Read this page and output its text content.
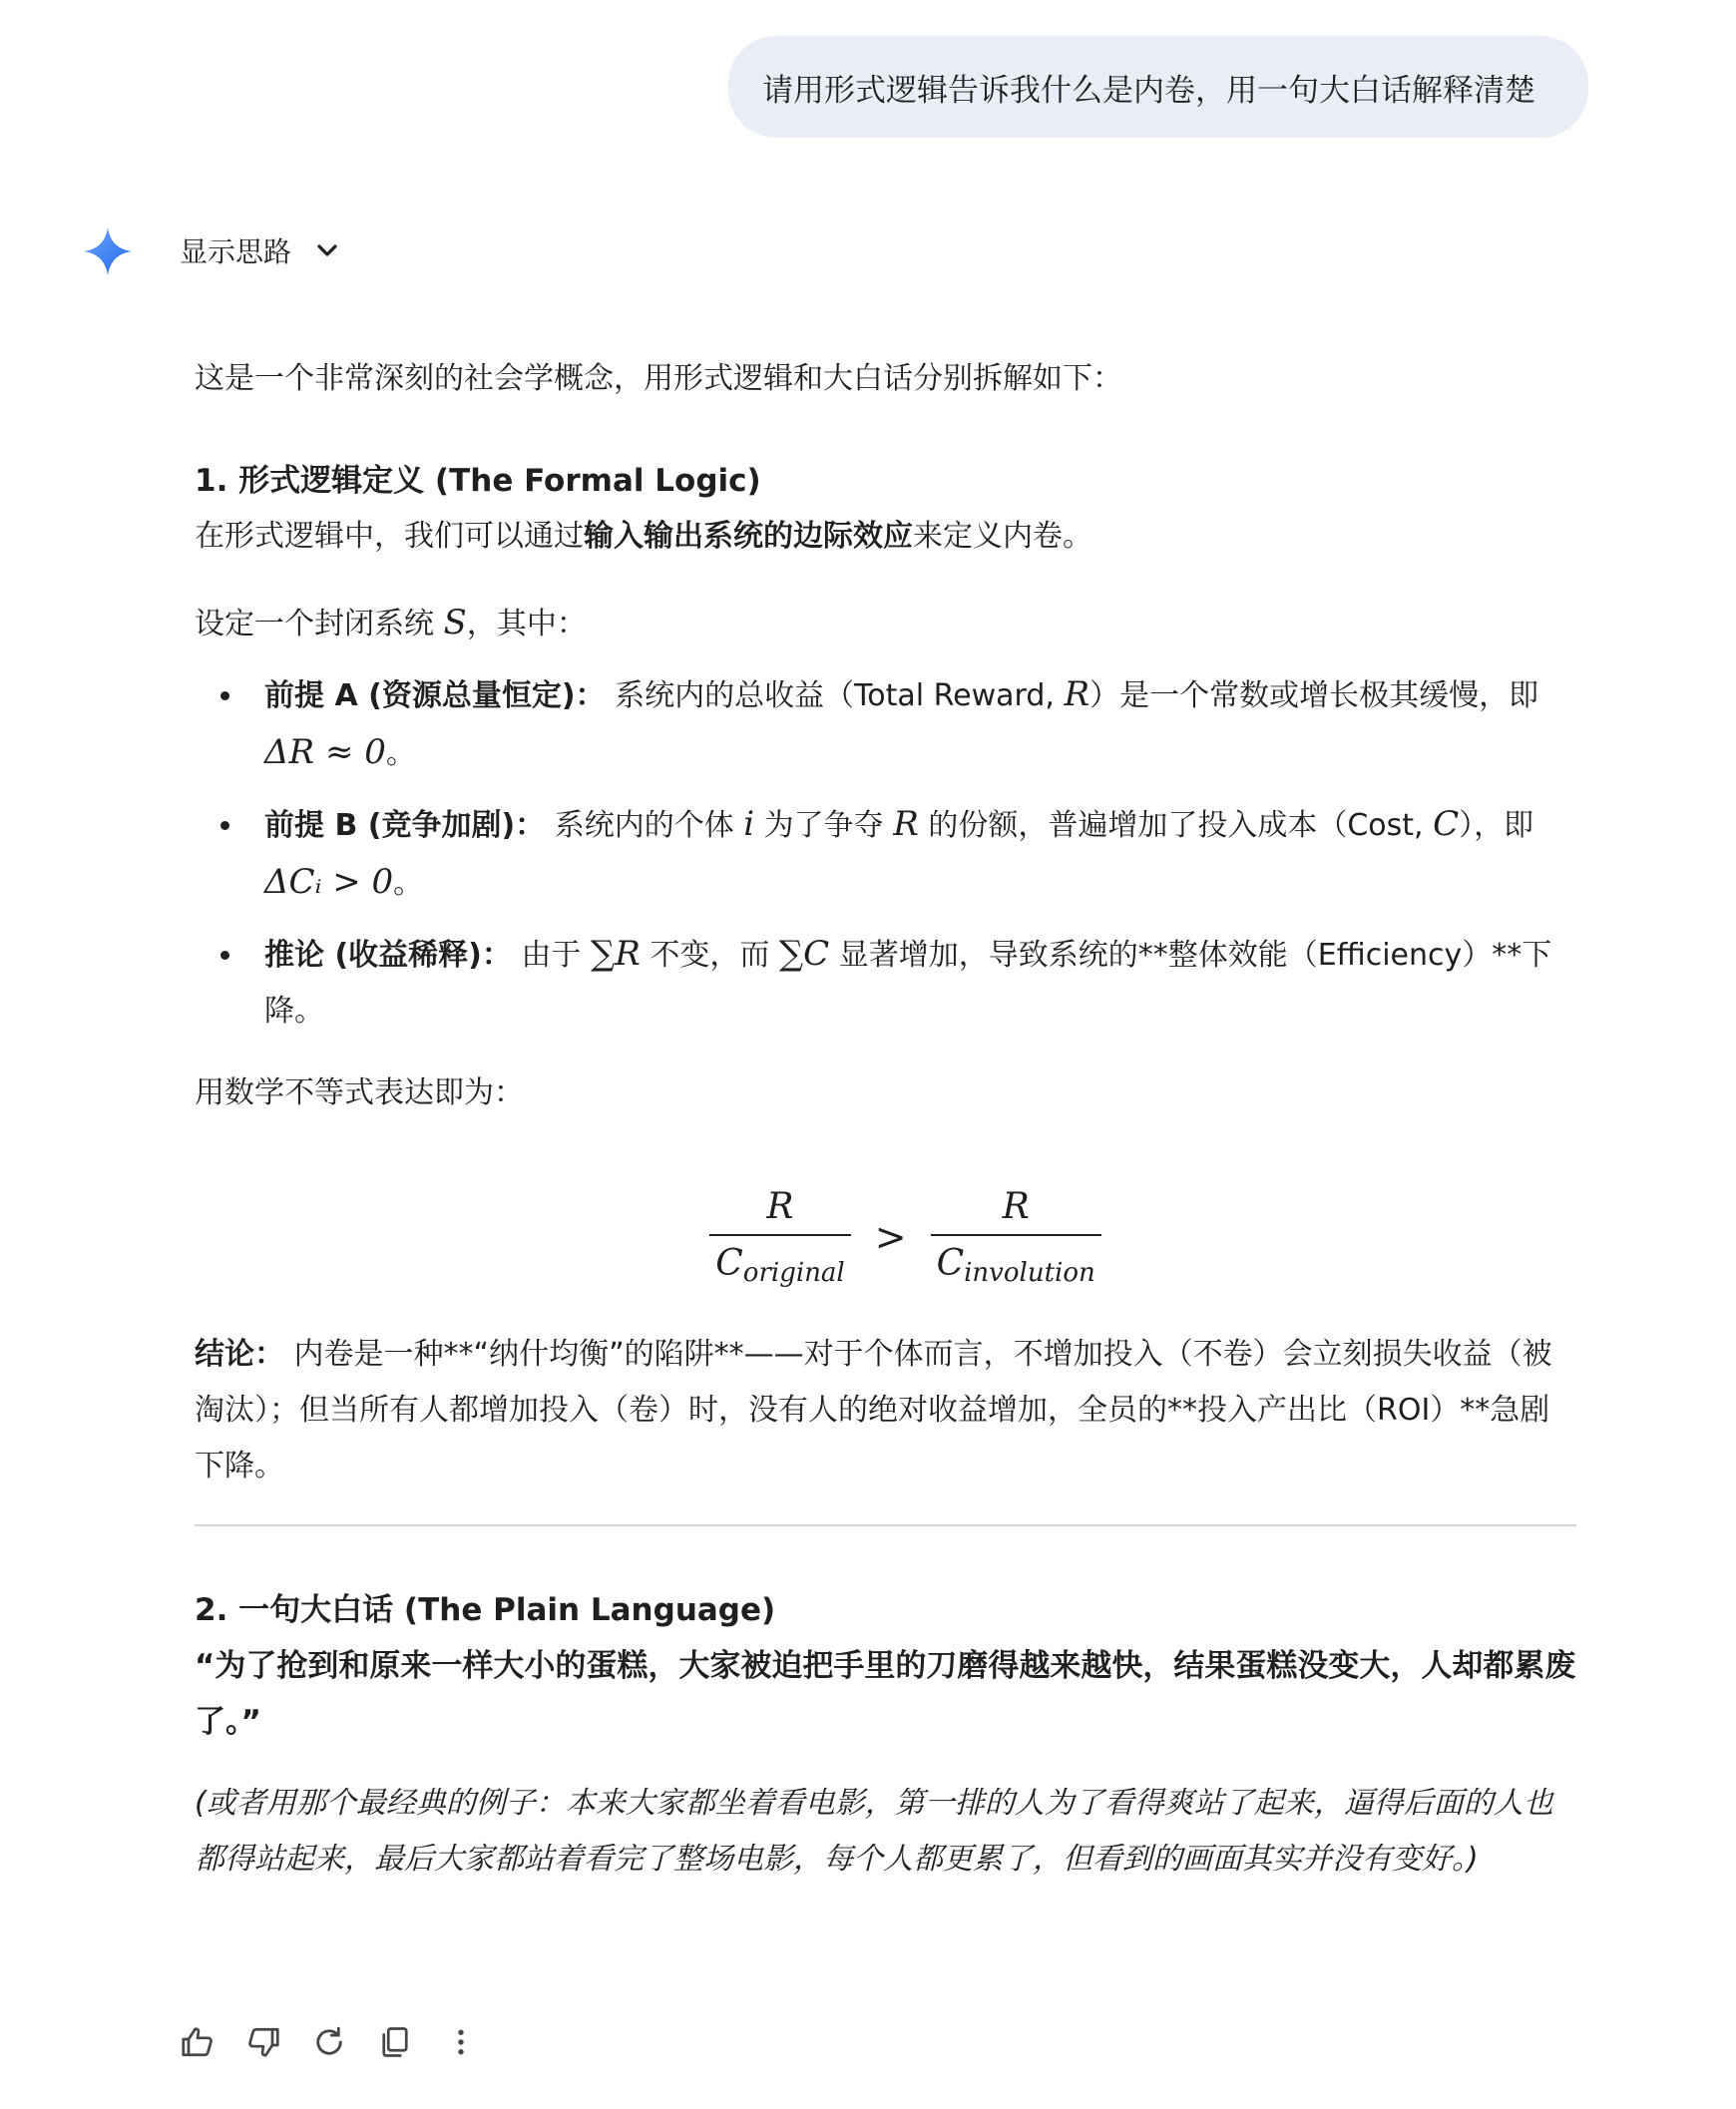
请用形式逻辑告诉我什么是内卷，用一句大白话解释清楚
显示思路

这是一个非常深刻的社会学概念，用形式逻辑和大白话分别拆解如下：

1. 形式逻辑定义 (The Formal Logic)

在形式逻辑中，我们可以通过输入输出系统的边际效应来定义内卷。

设定一个封闭系统 S，其中：

前提 A (资源总量恒定)： 系统内的总收益（Total Reward, R）是一个常数或增长极其缓慢，即 ΔR ≈ 0。
前提 B (竞争加剧)： 系统内的个体 i 为了争夺 R 的份额，普遍增加了投入成本（Cost, C），即 ΔCᵢ > 0。
推论 (收益稀释)： 由于 ∑R 不变，而 ∑C 显著增加，导致系统的**整体效能（Efficiency）**下降。

用数学不等式表达即为：

$\frac{R}{C_{original}} > \frac{R}{C_{involution}}$

结论： 内卷是一种**“纳什均衡”的陷阱**——对于个体而言，不增加投入（不卷）会立刻损失收益（被淘汰）；但当所有人都增加投入（卷）时，没有人的绝对收益增加，全员的**投入产出比（ROI）**急剧下降。

2. 一句大白话 (The Plain Language)

“为了抢到和原来一样大小的蛋糕，大家被迫把手里的刀磨得越来越快，结果蛋糕没变大，人却都累废了。”

(或者用那个最经典的例子：本来大家都坐着看电影，第一排的人为了看得爽站了起来，逼得后面的人也都得站起来，最后大家都站着看完了整场电影，每个人都更累了，但看到的画面其实并没有变好。)
